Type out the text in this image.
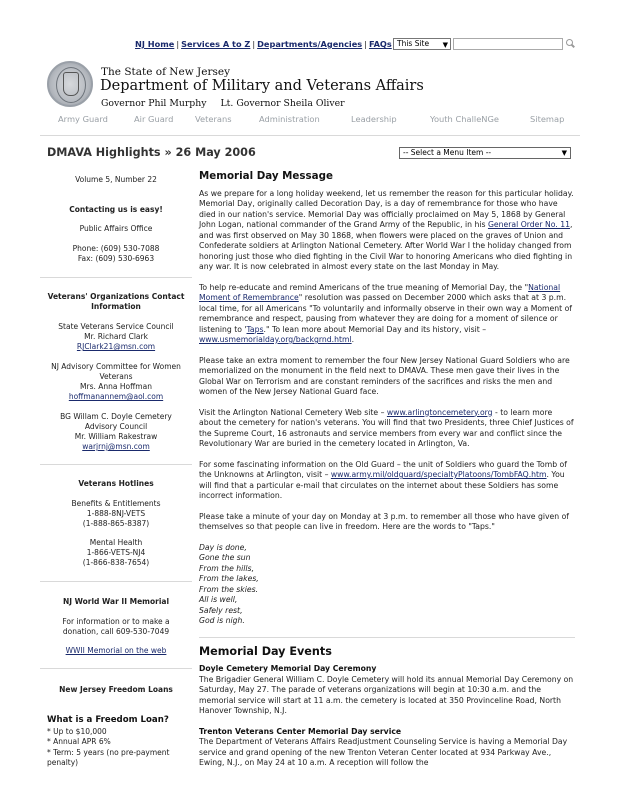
NJ Home | Services A to Z | Departments/Agencies | FAQs This Site ▼
The State of New Jersey
Department of Military and Veterans Affairs
Governor Phil Murphy Lt. Governor Sheila Oliver
Army Guard	Air Guard	Veterans	Administration	Leadership	Youth ChalleNGe	Sitemap
DMAVA Highlights » 26 May 2006	-- Select a Menu Item --	▼
Volume 5, Number 22
Contacting us is easy!
Public Affairs Office
Phone: (609) 530-7088
Fax: (609) 530-6963
Veterans' Organizations Contact Information
State Veterans Service Council
Mr. Richard Clark
RJClark21@msn.com
NJ Advisory Committee for Women Veterans
Mrs. Anna Hoffman
hoffmanannem@aol.com
BG Willam C. Doyle Cemetery Advisory Council
Mr. William Rakestraw
warjrnj@msn.com
Veterans Hotlines
Benefits & Entitlements
1-888-8NJ-VETS
(1-888-865-8387)
Mental Health
1-866-VETS-NJ4
(1-866-838-7654)
NJ World War II Memorial
For information or to make a donation, call 609-530-7049
WWII Memorial on the web
New Jersey Freedom Loans
What is a Freedom Loan?
* Up to $10,000
* Annual APR 6%
* Term: 5 years (no pre-payment penalty)
Memorial Day Message

As we prepare for a long holiday weekend, let us remember the reason for this particular holiday. Memorial Day, originally called Decoration Day, is a day of remembrance for those who have died in our nation's service. Memorial Day was officially proclaimed on May 5, 1868 by General John Logan, national commander of the Grand Army of the Republic, in his General Order No. 11, and was first observed on May 30 1868, when flowers were placed on the graves of Union and Confederate soldiers at Arlington National Cemetery. After World War I the holiday changed from honoring just those who died fighting in the Civil War to honoring Americans who died fighting in any war. It is now celebrated in almost every state on the last Monday in May.

To help re-educate and remind Americans of the true meaning of Memorial Day, the "National Moment of Remembrance" resolution was passed on December 2000 which asks that at 3 p.m. local time, for all Americans "To voluntarily and informally observe in their own way a Moment of remembrance and respect, pausing from whatever they are doing for a moment of silence or listening to 'Taps." To lean more about Memorial Day and its history, visit – www.usmemorialday.org/backgrnd.html.

Please take an extra moment to remember the four New Jersey National Guard Soldiers who are memorialized on the monument in the field next to DMAVA. These men gave their lives in the Global War on Terrorism and are constant reminders of the sacrifices and risks the men and women of the New Jersey National Guard face.

Visit the Arlington National Cemetery Web site – www.arlingtoncemetery.org - to learn more about the cemetery for nation's veterans. You will find that two Presidents, three Chief Justices of the Supreme Court, 16 astronauts and service members from every war and conflict since the Revolutionary War are buried in the cemetery located in Arlington, Va.

For some fascinating information on the Old Guard – the unit of Soldiers who guard the Tomb of the Unknowns at Arlington, visit – www.army.mil/oldguard/specialtyPlatoons/TombFAQ.htm. You will find that a particular e-mail that circulates on the internet about these Soldiers has some incorrect information.

Please take a minute of your day on Monday at 3 p.m. to remember all those who have given of themselves so that people can live in freedom. Here are the words to "Taps."

Day is done,
Gone the sun
From the hills,
From the lakes,
From the skies.
All is well,
Safely rest,
God is nigh.
Memorial Day Events
Doyle Cemetery Memorial Day Ceremony

The Brigadier General William C. Doyle Cemetery will hold its annual Memorial Day Ceremony on Saturday, May 27. The parade of veterans organizations will begin at 10:30 a.m. and the memorial service will start at 11 a.m. the cemetery is located at 350 Provinceline Road, North Hanover Township, N.J.

Trenton Veterans Center Memorial Day service

The Department of Veterans Affairs Readjustment Counseling Service is having a Memorial Day service and grand opening of the new Trenton Veteran Center located at 934 Parkway Ave., Ewing, N.J., on May 24 at 10 a.m. A reception will follow the
